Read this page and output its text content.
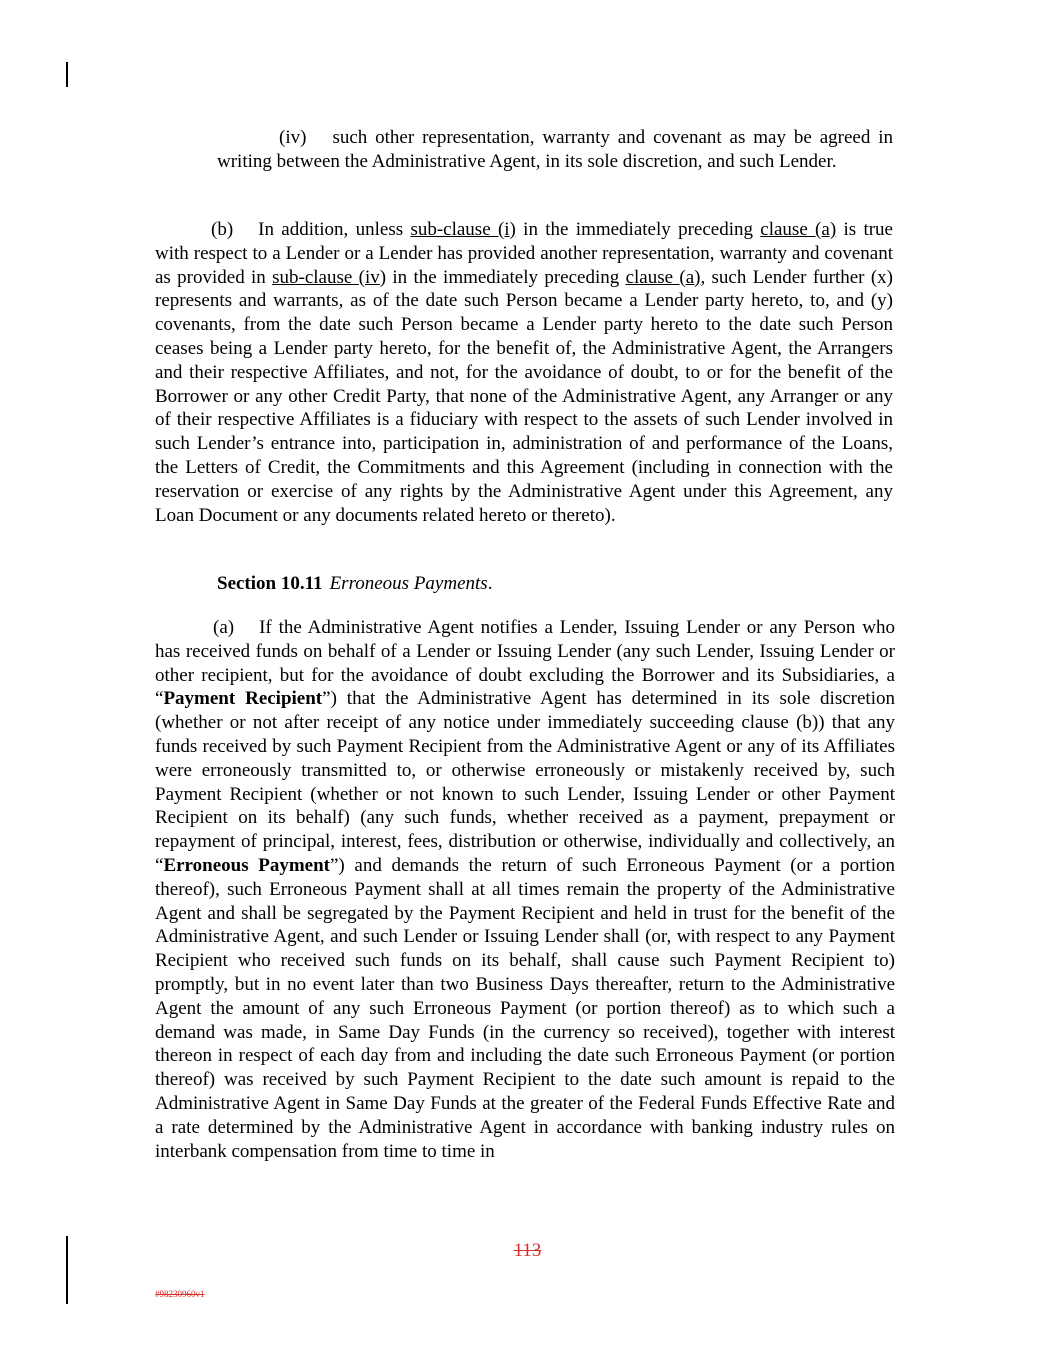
(iv) such other representation, warranty and covenant as may be agreed in writing between the Administrative Agent, in its sole discretion, and such Lender.

(b) In addition, unless sub-clause (i) in the immediately preceding clause (a) is true with respect to a Lender or a Lender has provided another representation, warranty and covenant as provided in sub-clause (iv) in the immediately preceding clause (a), such Lender further (x) represents and warrants, as of the date such Person became a Lender party hereto, to, and (y) covenants, from the date such Person became a Lender party hereto to the date such Person ceases being a Lender party hereto, for the benefit of, the Administrative Agent, the Arrangers and their respective Affiliates, and not, for the avoidance of doubt, to or for the benefit of the Borrower or any other Credit Party, that none of the Administrative Agent, any Arranger or any of their respective Affiliates is a fiduciary with respect to the assets of such Lender involved in such Lender’s entrance into, participation in, administration of and performance of the Loans, the Letters of Credit, the Commitments and this Agreement (including in connection with the reservation or exercise of any rights by the Administrative Agent under this Agreement, any Loan Document or any documents related hereto or thereto).

Section 10.11 Erroneous Payments.

(a) If the Administrative Agent notifies a Lender, Issuing Lender or any Person who has received funds on behalf of a Lender or Issuing Lender (any such Lender, Issuing Lender or other recipient, but for the avoidance of doubt excluding the Borrower and its Subsidiaries, a “Payment Recipient”) that the Administrative Agent has determined in its sole discretion (whether or not after receipt of any notice under immediately succeeding clause (b)) that any funds received by such Payment Recipient from the Administrative Agent or any of its Affiliates were erroneously transmitted to, or otherwise erroneously or mistakenly received by, such Payment Recipient (whether or not known to such Lender, Issuing Lender or other Payment Recipient on its behalf) (any such funds, whether received as a payment, prepayment or repayment of principal, interest, fees, distribution or otherwise, individually and collectively, an “Erroneous Payment”) and demands the return of such Erroneous Payment (or a portion thereof), such Erroneous Payment shall at all times remain the property of the Administrative Agent and shall be segregated by the Payment Recipient and held in trust for the benefit of the Administrative Agent, and such Lender or Issuing Lender shall (or, with respect to any Payment Recipient who received such funds on its behalf, shall cause such Payment Recipient to) promptly, but in no event later than two Business Days thereafter, return to the Administrative Agent the amount of any such Erroneous Payment (or portion thereof) as to which such a demand was made, in Same Day Funds (in the currency so received), together with interest thereon in respect of each day from and including the date such Erroneous Payment (or portion thereof) was received by such Payment Recipient to the date such amount is repaid to the Administrative Agent in Same Day Funds at the greater of the Federal Funds Effective Rate and a rate determined by the Administrative Agent in accordance with banking industry rules on interbank compensation from time to time in

113
#98230960v1
